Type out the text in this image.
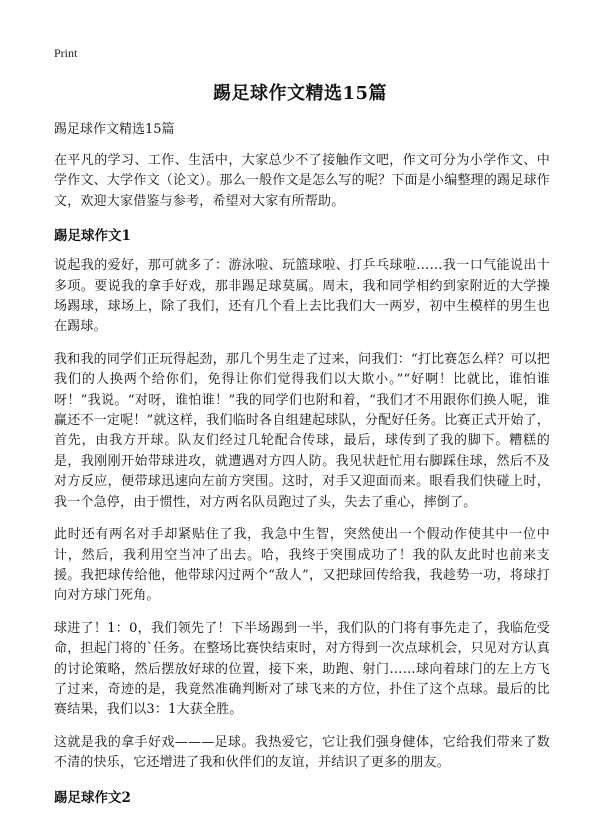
Print
踢足球作文精选15篇
踢足球作文精选15篇

在平凡的学习、工作、生活中，大家总少不了接触作文吧，作文可分为小学作文、中学作文、大学作文（论文）。那么一般作文是怎么写的呢？下面是小编整理的踢足球作文，欢迎大家借鉴与参考，希望对大家有所帮助。

踢足球作文1

说起我的爱好，那可就多了：游泳啦、玩篮球啦、打乒乓球啦……我一口气能说出十多项。要说我的拿手好戏，那非踢足球莫属。周末，我和同学相约到家附近的大学操场踢球，球场上，除了我们，还有几个看上去比我们大一两岁，初中生模样的男生也在踢球。

我和我的同学们正玩得起劲，那几个男生走了过来，问我们：“打比赛怎么样？可以把我们的人换两个给你们，免得让你们觉得我们以大欺小。”“好啊！比就比，谁怕谁呀！”我说。“对呀，谁怕谁！”我的同学们也附和着，“我们才不用跟你们换人呢，谁赢还不一定呢！”就这样，我们临时各自组建起球队，分配好任务。比赛正式开始了，首先，由我方开球。队友们经过几轮配合传球，最后，球传到了我的脚下。糟糕的是，我刚刚开始带球进攻，就遭遇对方四人防。我见状赶忙用右脚踩住球，然后不及对方反应，便带球迅速向左前方突围。这时，对手又迎面而来。眼看我们快碰上时，我一个急停，由于惯性，对方两名队员跑过了头，失去了重心，摔倒了。

此时还有两名对手却紧贴住了我，我急中生智，突然使出一个假动作使其中一位中计，然后，我利用空当冲了出去。哈，我终于突围成功了！我的队友此时也前来支援。我把球传给他，他带球闪过两个“敌人”，又把球回传给我，我趁势一功，将球打向对方球门死角。

球进了！1：0，我们领先了！下半场踢到一半，我们队的门将有事先走了，我临危受命，担起门将的`任务。在整场比赛快结束时，对方得到一次点球机会，只见对方认真的讨论策略，然后摆放好球的位置，接下来，助跑、射门……球向着球门的左上方飞了过来，奇迹的是，我竟然准确判断对了球飞来的方位，扑住了这个点球。最后的比赛结果，我们以3：1大获全胜。

这就是我的拿手好戏———足球。我热爱它，它让我们强身健体，它给我们带来了数不清的快乐，它还增进了我和伙伴们的友谊，并结识了更多的朋友。

踢足球作文2
